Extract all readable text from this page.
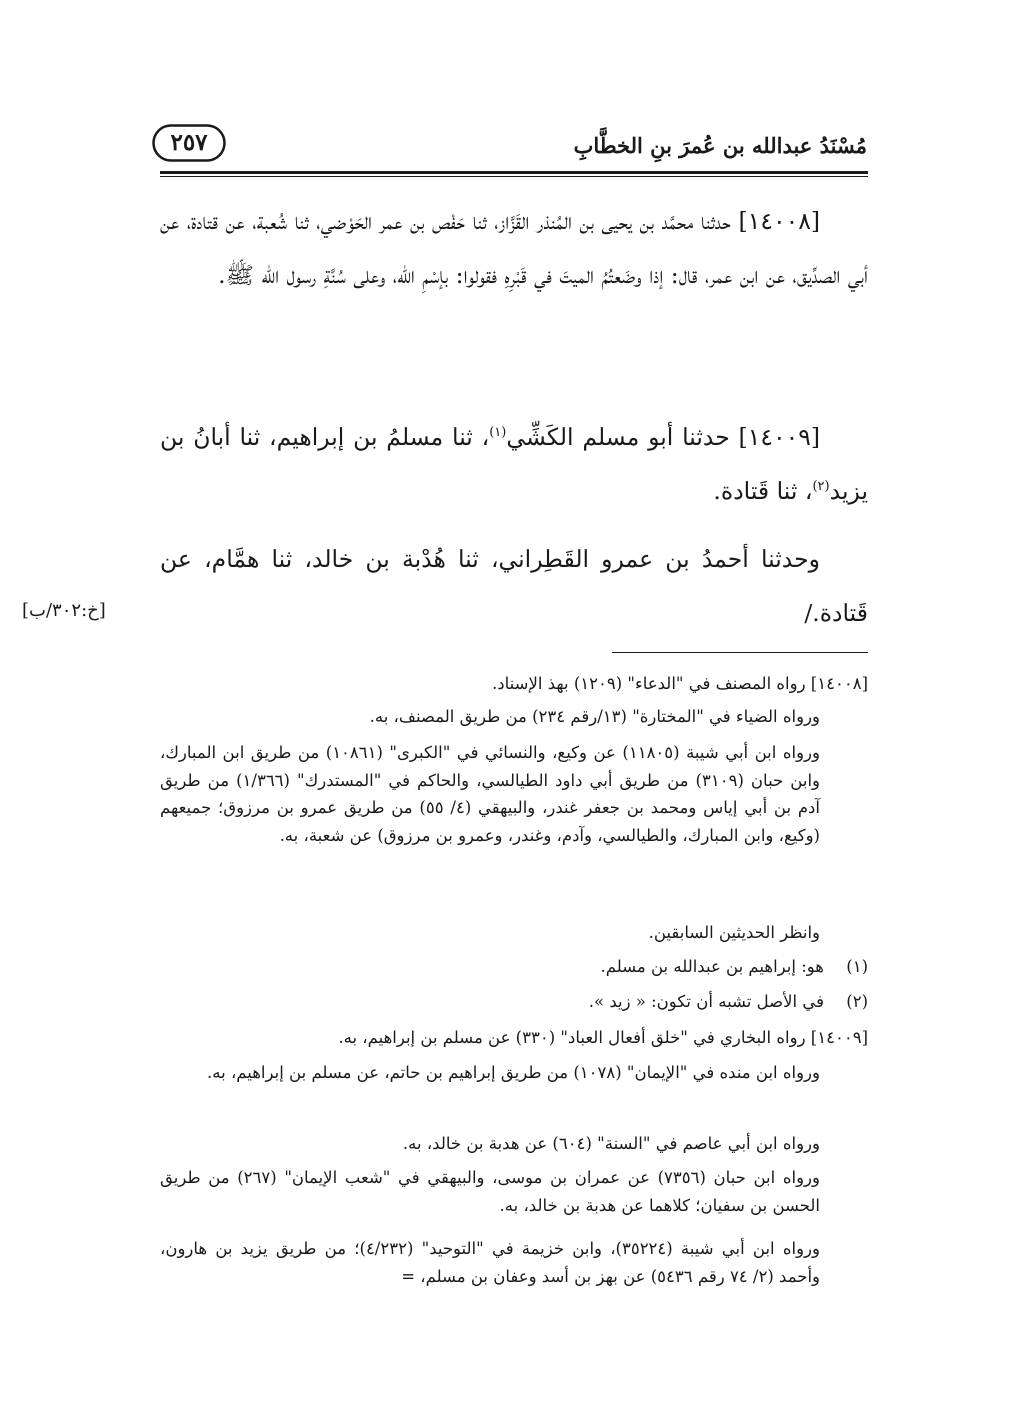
مُسْنَدُ عبدالله بن عُمرَ بنِ الخطَّابِ
٢٥٧

[١٤٠٠٨] حدثنا محمَّد بن يحيى بن المُنذر القَزَّاز، ثنا حَفْص بن عمر الحَوْضي، ثنا شُعبة، عن قتادة، عن أبي الصدِّيق، عن ابن عمر، قال: إذا وضَعتُمُ الميتَ في قَبْرِهِ فقولوا: بإسْمِ الله، وعلى سُنَّةِ رسول الله ﷺ.

[١٤٠٠٩] حدثنا أبو مسلم الكَشِّي$^{(١)}$، ثنا مسلمُ بن إبراهيم، ثنا أبانُ بن يزيد$^{(٢)}$، ثنا قَتادة.

وحدثنا أحمدُ بن عمرو القَطِراني، ثنا هُدْبة بن خالد، ثنا همَّام، عن قَتادة./

[خ:٣٠٢/ب]

[١٤٠٠٨] رواه المصنف في "الدعاء" (١٢٠٩) بهذ الإسناد.

ورواه الضياء في "المختارة" (١٣/رقم ٢٣٤) من طريق المصنف، به.

ورواه ابن أبي شيبة (١١٨٠٥) عن وكيع، والنسائي في "الكبرى" (١٠٨٦١) من طريق ابن المبارك، وابن حبان (٣١٠٩) من طريق أبي داود الطيالسي، والحاكم في "المستدرك" (١/٣٦٦) من طريق آدم بن أبي إياس ومحمد بن جعفر غندر، والبيهقي (٤/ ٥٥) من طريق عمرو بن مرزوق؛ جميعهم (وكيع، وابن المبارك، والطيالسي، وآدم، وغندر، وعمرو بن مرزوق) عن شعبة، به.

وانظر الحديثين السابقين.

(١)هو: إبراهيم بن عبدالله بن مسلم.

(٢)في الأصل تشبه أن تكون: « زيد ».

[١٤٠٠٩] رواه البخاري في "خلق أفعال العباد" (٣٣٠) عن مسلم بن إبراهيم، به.

ورواه ابن منده في "الإيمان" (١٠٧٨) من طريق إبراهيم بن حاتم، عن مسلم بن إبراهيم، به.

ورواه ابن أبي عاصم في "السنة" (٦٠٤) عن هدبة بن خالد، به.

ورواه ابن حبان (٧٣٥٦) عن عمران بن موسى، والبيهقي في "شعب الإيمان" (٢٦٧) من طريق الحسن بن سفيان؛ كلاهما عن هدبة بن خالد، به.

ورواه ابن أبي شيبة (٣٥٢٢٤)، وابن خزيمة في "التوحيد" (٤/٢٣٢)؛ من طريق يزيد بن هارون، وأحمد (٢/ ٧٤ رقم ٥٤٣٦) عن بهز بن أسد وعفان بن مسلم، =
